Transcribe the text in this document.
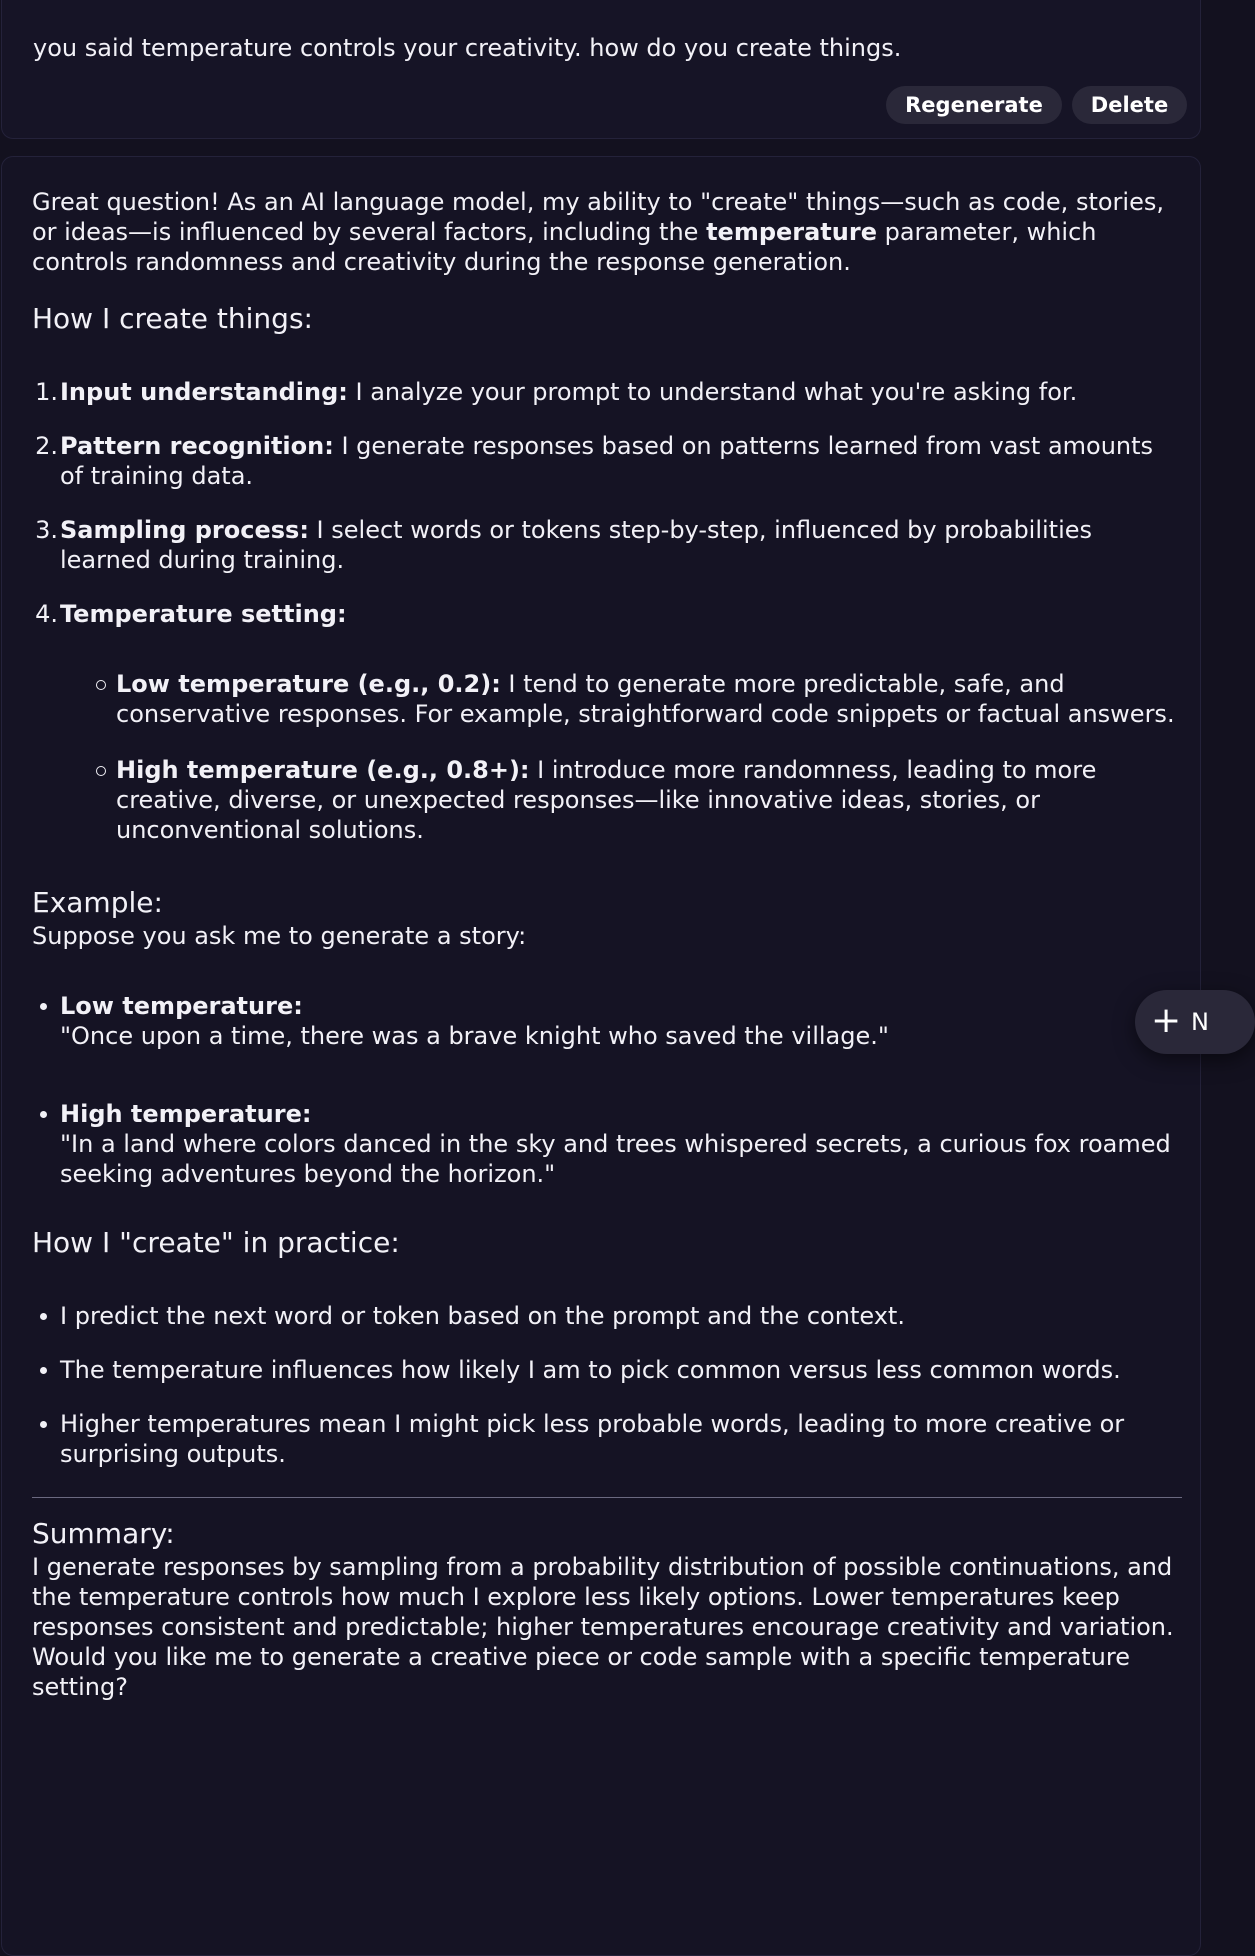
you said temperature controls your creativity. how do you create things.
Regenerate	Delete

Great question! As an AI language model, my ability to "create" things—such as code, stories, or ideas—is influenced by several factors, including the temperature parameter, which controls randomness and creativity during the response generation.

How I create things:
1. Input understanding: I analyze your prompt to understand what you're asking for.
2. Pattern recognition: I generate responses based on patterns learned from vast amounts of training data.
3. Sampling process: I select words or tokens step-by-step, influenced by probabilities learned during training.
4. Temperature setting:
Low temperature (e.g., 0.2): I tend to generate more predictable, safe, and conservative responses. For example, straightforward code snippets or factual answers.
High temperature (e.g., 0.8+): I introduce more randomness, leading to more creative, diverse, or unexpected responses—like innovative ideas, stories, or unconventional solutions.
Example:

Suppose you ask me to generate a story:

Low temperature:
"Once upon a time, there was a brave knight who saved the village."
High temperature:
"In a land where colors danced in the sky and trees whispered secrets, a curious fox roamed seeking adventures beyond the horizon."
How I "create" in practice:
I predict the next word or token based on the prompt and the context.
The temperature influences how likely I am to pick common versus less common words.
Higher temperatures mean I might pick less probable words, leading to more creative or surprising outputs.
Summary:

I generate responses by sampling from a probability distribution of possible continuations, and the temperature controls how much I explore less likely options. Lower temperatures keep responses consistent and predictable; higher temperatures encourage creativity and variation.

Would you like me to generate a creative piece or code sample with a specific temperature setting?

+ N
